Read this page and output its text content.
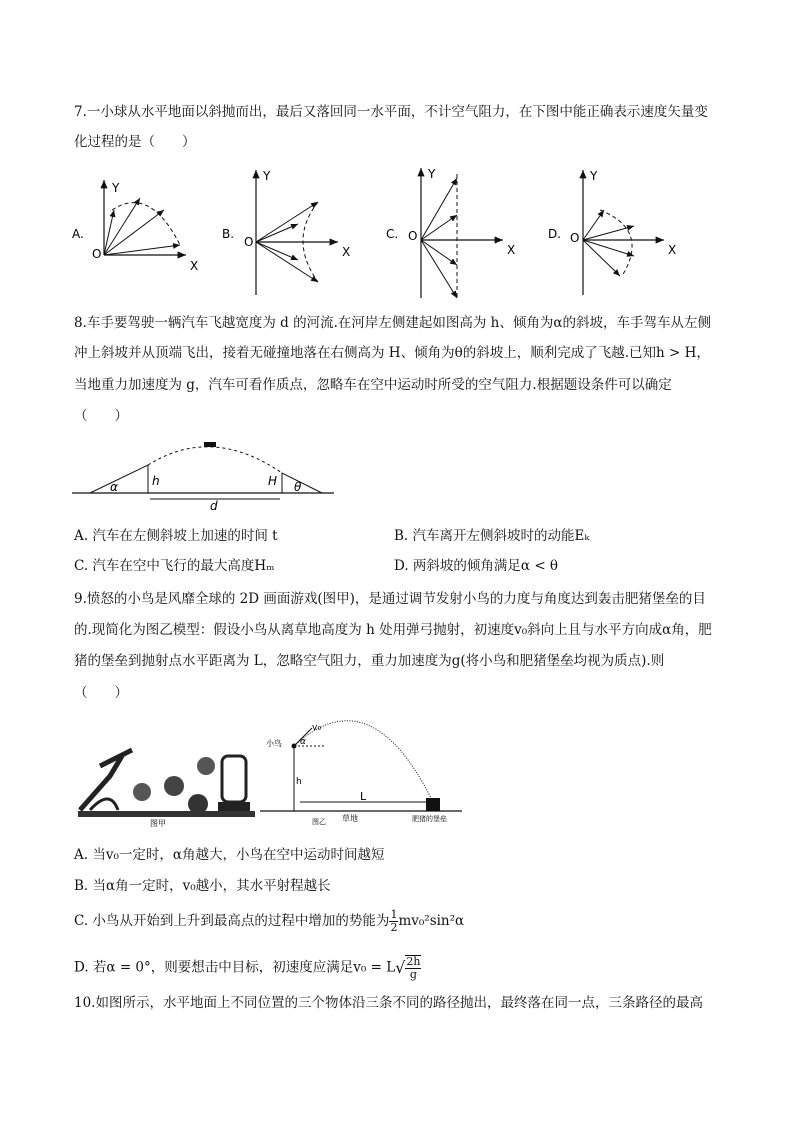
7.一小球从水平地面以斜抛而出，最后又落回同一水平面，不计空气阻力，在下图中能正确表示速度矢量变
化过程的是（　　）
A.
Y
X
O
B.
Y
X
O
C.
Y
X
O	D.
Y
X
O
8.车手要驾驶一辆汽车飞越宽度为 d 的河流.在河岸左侧建起如图高为 h、倾角为α的斜坡，车手驾车从左侧
冲上斜坡并从顶端飞出，接着无碰撞地落在右侧高为 H、倾角为θ的斜坡上，顺利完成了飞越.已知h > H，
当地重力加速度为 g，汽车可看作质点，忽略车在空中运动时所受的空气阻力.根据题设条件可以确定
（　　）
α	h
d
H θ
A. 汽车在左侧斜坡上加速的时间 t	B. 汽车离开左侧斜坡时的动能Eₖ
C. 汽车在空中飞行的最大高度Hₘ	D. 两斜坡的倾角满足α < θ
9.愤怒的小鸟是风靡全球的 2D 画面游戏(图甲)，是通过调节发射小鸟的力度与角度达到轰击肥猪堡垒的目
的.现简化为图乙模型：假设小鸟从离草地高度为 h 处用弹弓抛射，初速度v₀斜向上且与水平方向成α角，肥
猪的堡垒到抛射点水平距离为 L，忽略空气阻力，重力加速度为g(将小鸟和肥猪堡垒均视为质点).则
（　　）
图甲
小鸟
v₀
α
h
L
草地	肥猪的堡垒
图乙
A. 当v₀一定时，α角越大，小鸟在空中运动时间越短
B. 当α角一定时，v₀越小，其水平射程越长
C. 小鸟从开始到上升到最高点的过程中增加的势能为 $\frac{1}{2} mv_0^2\sin^2\alpha$
D. 若α = 0°，则要想击中目标，初速度应满足$v_0 = L√ \frac{2h}{g}$
10.如图所示，水平地面上不同位置的三个物体沿三条不同的路径抛出，最终落在同一点，三条路径的最高
